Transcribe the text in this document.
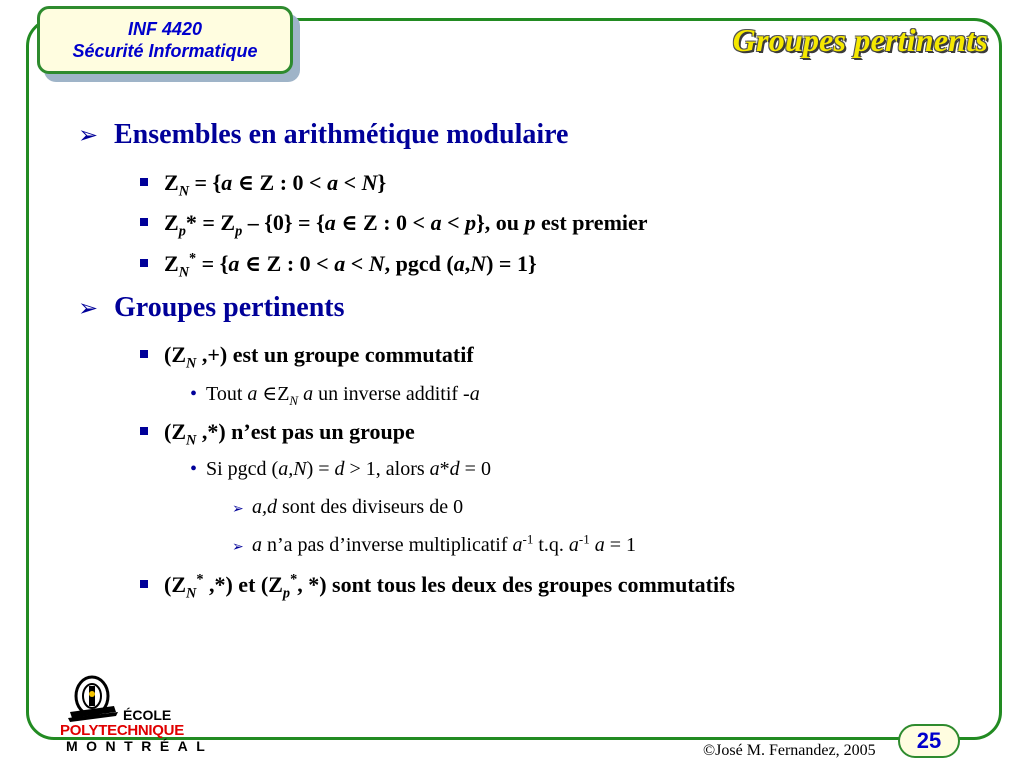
INF 4420
Sécurité Informatique	Groupes pertinents
➢ Ensembles en arithmétique modulaire
$Z_N = \{a$ ∈ Z : 0 < a < N}
$Z_p* = Z_p - \{0\} = \{a$ ∈ Z : 0 < a < p}, ou p est premier
$Z_N^* = \{a$ ∈ Z : 0 < a < N, pgcd (a,N) = 1}
➢ Groupes pertinents
($Z_N$ ,+) est un groupe commutatif
• Tout a $\in Z_N$ a un inverse additif -a
($Z_N$ ,*) n’est pas un groupe
• Si pgcd (a,N) = d > 1, alors a*d = 0
➢ a,d sont des diviseurs de 0
➢ a n’a pas d’inverse multiplicatif $a^{-1}$ t.q. $a^{-1}$ a = 1
($Z_N^*$ ,*) et ($Z_p^*$, *) sont tous les deux des groupes commutatifs
ÉCOLE
POLYTECHNIQUE
MONTRÉAL	©José M. Fernandez, 2005	25
